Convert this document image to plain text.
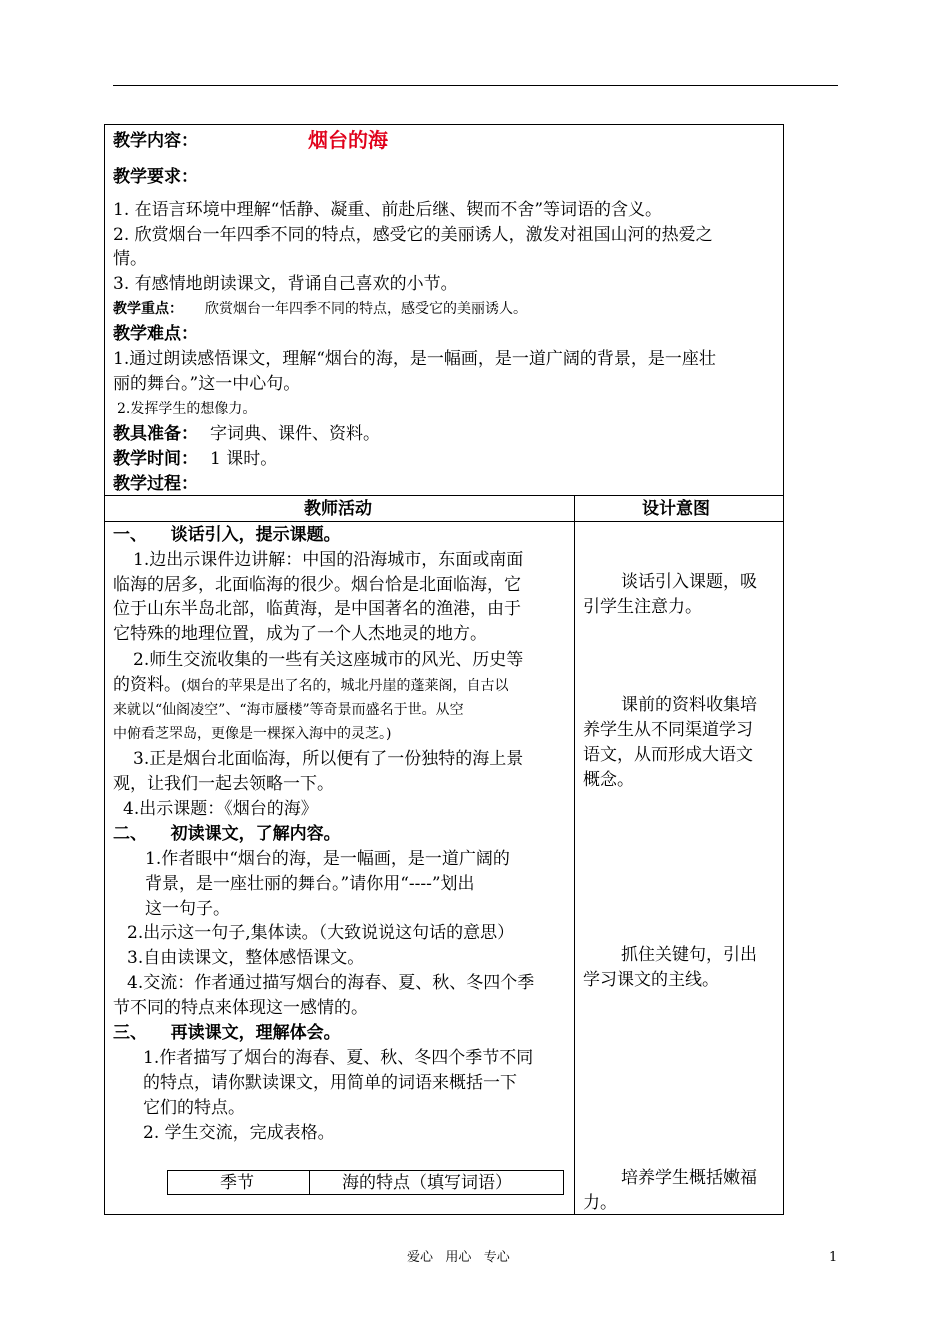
教学内容：	烟台的海
教学要求：
1. 在语言环境中理解“恬静、凝重、前赴后继、锲而不舍”等词语的含义。
2. 欣赏烟台一年四季不同的特点，感受它的美丽诱人，激发对祖国山河的热爱之
情。
3. 有感情地朗读课文，背诵自己喜欢的小节。
教学重点： 欣赏烟台一年四季不同的特点，感受它的美丽诱人。
教学难点：
1.通过朗读感悟课文，理解“烟台的海，是一幅画，是一道广阔的背景，是一座壮
丽的舞台。”这一中心句。
2.发挥学生的想像力。
教具准备： 字词典、课件、资料。
教学时间： 1 课时。
教学过程：
教师活动	设计意图
一、    谈话引入，提示课题。
1.边出示课件边讲解：中国的沿海城市，东面或南面
临海的居多，北面临海的很少。烟台恰是北面临海，它
位于山东半岛北部，临黄海，是中国著名的渔港，由于
它特殊的地理位置，成为了一个人杰地灵的地方。
2.师生交流收集的一些有关这座城市的风光、历史等
的资料。 (烟台的苹果是出了名的，城北丹崖的蓬莱阁，自古以
来就以“仙阁凌空”、“海市蜃楼”等奇景而盛名于世。从空
中俯看芝罘岛，更像是一棵探入海中的灵芝。)
3.正是烟台北面临海，所以便有了一份独特的海上景
观，让我们一起去领略一下。
4.出示课题：《烟台的海》
二、    初读课文，了解内容。
1.作者眼中“烟台的海，是一幅画，是一道广阔的
背景，是一座壮丽的舞台。”请你用“----”划出
这一句子。
2.出示这一句子,集体读。（大致说说这句话的意思）
3.自由读课文，整体感悟课文。
4.交流：作者通过描写烟台的海春、夏、秋、冬四个季
节不同的特点来体现这一感情的。
三、    再读课文，理解体会。
1.作者描写了烟台的海春、夏、秋、冬四个季节不同
的特点，请你默读课文，用简单的词语来概括一下
它们的特点。
2. 学生交流，完成表格。
季节	海的特点（填写词语）
谈话引入课题，吸
引学生注意力。
课前的资料收集培
养学生从不同渠道学习
语文，从而形成大语文
概念。
抓住关键句，引出
学习课文的主线。
培养学生概括嫩福
力。
爱心   用心   专心	1
